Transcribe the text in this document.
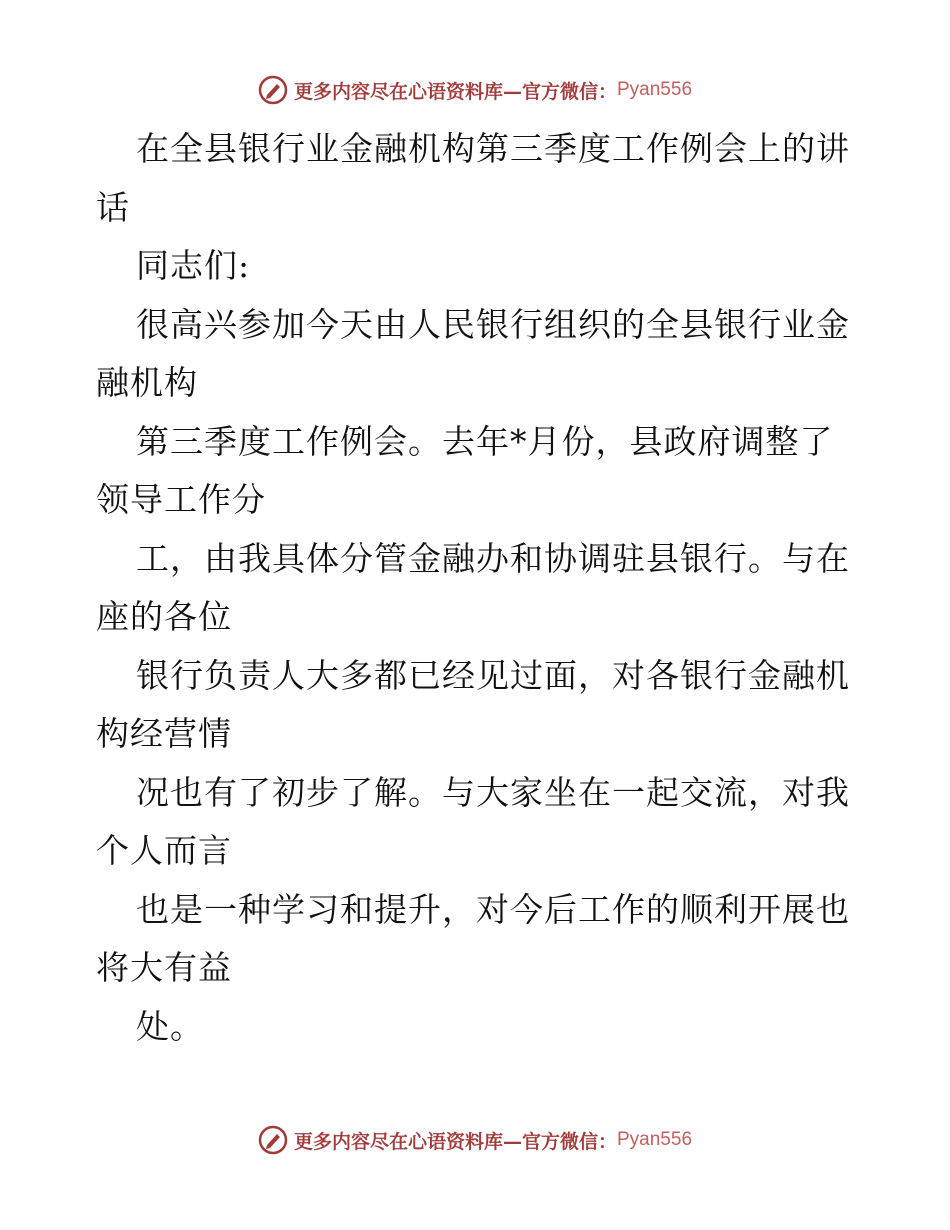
更多内容尽在心语资料库—官方微信： Pyan556
在全县银行业金融机构第三季度工作例会上的讲
话
同志们:
很高兴参加今天由人民银行组织的全县银行业金
融机构
第三季度工作例会。去年*月份，县政府调整了
领导工作分
工，由我具体分管金融办和协调驻县银行。与在
座的各位
银行负责人大多都已经见过面，对各银行金融机
构经营情
况也有了初步了解。与大家坐在一起交流，对我
个人而言
也是一种学习和提升，对今后工作的顺利开展也
将大有益
处。
更多内容尽在心语资料库—官方微信： Pyan556
